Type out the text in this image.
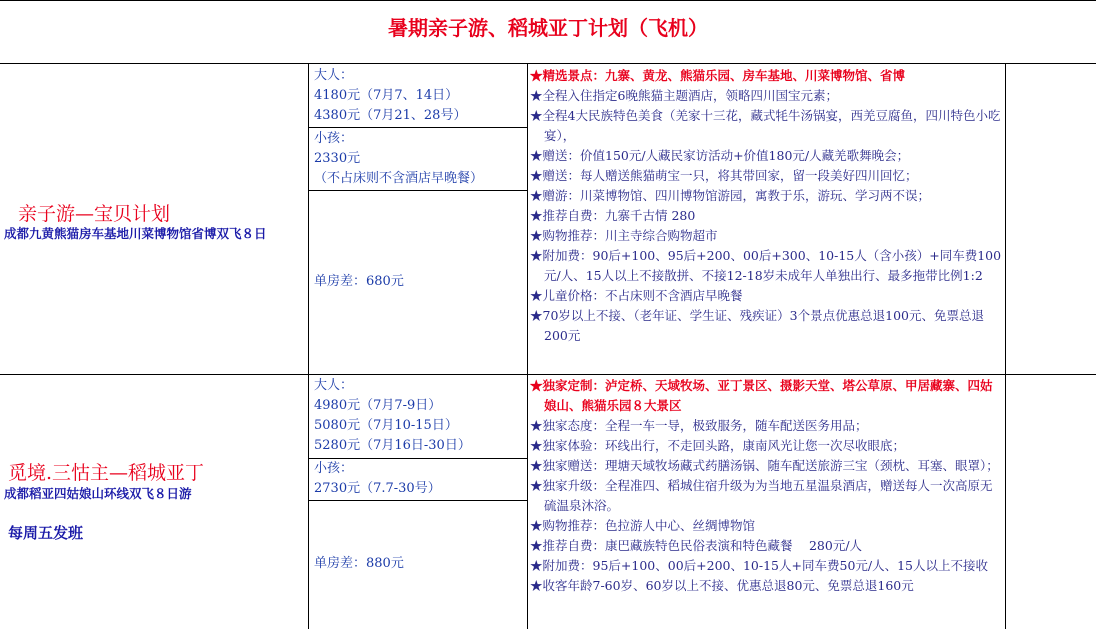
暑期亲子游、稻城亚丁计划（飞机）
亲子游—宝贝计划
成都九黄熊猫房车基地川菜博物馆省博双飞８日
大人：
4180元（7月7、14日）
4380元（7月21、28号）
小孩：
2330元
（不占床则不含酒店早晚餐）
单房差：680元
★精选景点：九寨、黄龙、熊猫乐园、房车基地、川菜博物馆、省博
★全程入住指定6晚熊猫主题酒店，领略四川国宝元素；
★全程4大民族特色美食（羌家十三花，藏式牦牛汤锅宴，西羌豆腐鱼，四川特色小吃宴），
★赠送：价值150元/人藏民家访活动+价值180元/人藏羌歌舞晚会；
★赠送：每人赠送熊猫萌宝一只，将其带回家，留一段美好四川回忆；
★赠游：川菜博物馆、四川博物馆游园，寓教于乐，游玩、学习两不误；
★推荐自费：九寨千古情 280
★购物推荐：川主寺综合购物超市
★附加费：90后+100、95后+200、00后+300、10-15人（含小孩）+同车费100元/人、15人以上不接散拼、不接12-18岁未成年人单独出行、最多拖带比例1:2
★儿童价格：不占床则不含酒店早晚餐
★70岁以上不接、（老年证、学生证、残疾证）3个景点优惠总退100元、免票总退200元
觅境.三怙主—稻城亚丁
成都稻亚四姑娘山环线双飞８日游
每周五发班
大人：
4980元（7月7-9日）
5080元（7月10-15日）
5280元（7月16日-30日）
小孩：
2730元（7.7-30号）
单房差：880元
★独家定制：泸定桥、天域牧场、亚丁景区、摄影天堂、塔公草原、甲居藏寨、四姑娘山、熊猫乐园８大景区
★独家态度：全程一车一导，极致服务，随车配送医务用品；
★独家体验：环线出行，不走回头路，康南风光让您一次尽收眼底；
★独家赠送：理塘天域牧场藏式药膳汤锅、随车配送旅游三宝（颈枕、耳塞、眼罩）；
★独家升级：全程准四、稻城住宿升级为为当地五星温泉酒店，赠送每人一次高原无硫温泉沐浴。
★购物推荐：色拉游人中心、丝绸博物馆
★推荐自费：康巴藏族特色民俗表演和特色藏餐　 280元/人
★附加费：95后+100、00后+200、10-15人+同车费50元/人、15人以上不接收
★收客年龄7-60岁、60岁以上不接、优惠总退80元、免票总退160元
